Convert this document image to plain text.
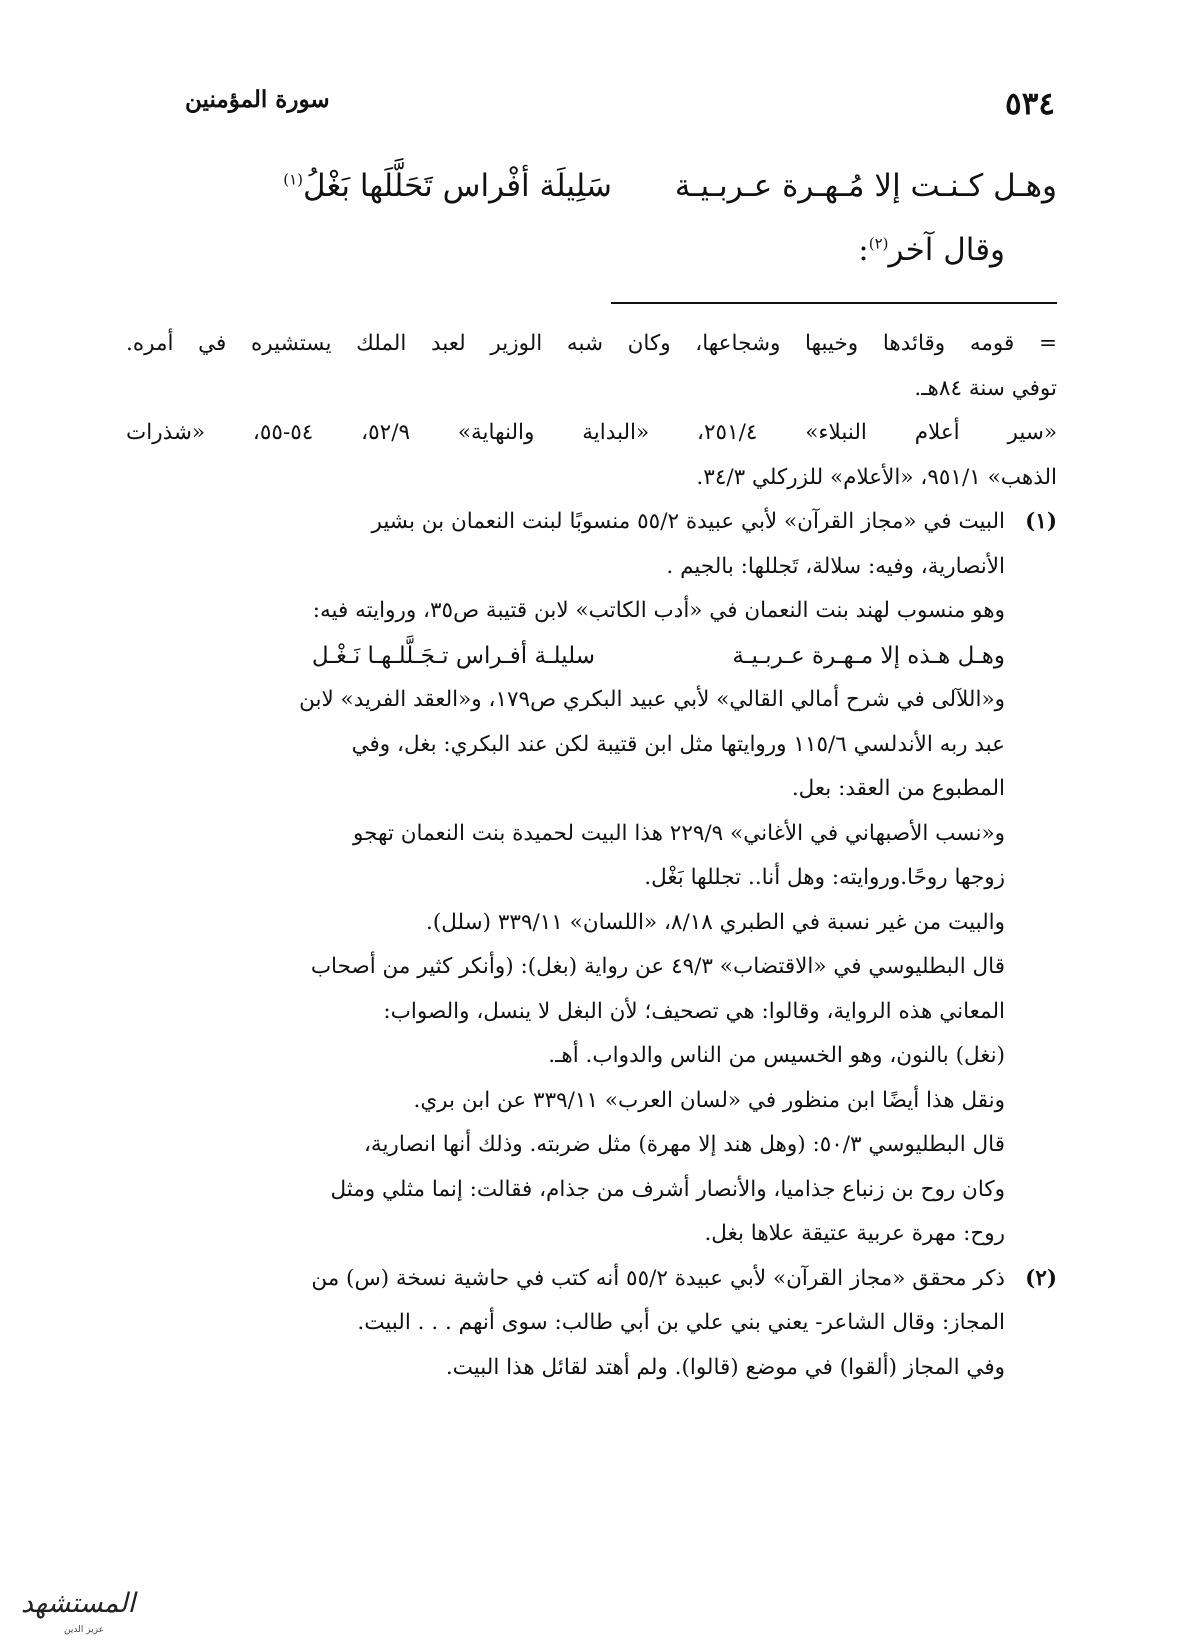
٥٣٤
سورة المؤمنين
وهـل كـنـت إلا مُـهـرة عـربـيـةسَلِيلَة أفْراس تَحَلَّلَها بَغْلُ$^{(١)}$
وقال آخر$^{(٢)}$:
= قومه وقائدها وخيبها وشجاعها، وكان شبه الوزير لعبد الملك يستشيره في أمره.
توفي سنة ٨٤هـ.
«سير أعلام النبلاء» ٢٥١/٤، «البداية والنهاية» ٥٢/٩، ٥٤-٥٥، «شذرات
الذهب» ٩٥١/١، «الأعلام» للزركلي ٣٤/٣.
(١)البيت في «مجاز القرآن» لأبي عبيدة ٥٥/٢ منسوبًا لبنت النعمان بن بشير
الأنصارية، وفيه: سلالة، تَجللها: بالجيم .
وهو منسوب لهند بنت النعمان في «أدب الكاتب» لابن قتيبة ص٣٥، وروايته فيه:
وهـل هـذه إلا مـهـرة عـربـيـةسليلـة أفـراس تـجَـلَّلـهـا نَـغْـل
و«اللآلى في شرح أمالي القالي» لأبي عبيد البكري ص١٧٩، و«العقد الفريد» لابن
عبد ربه الأندلسي ١١٥/٦ وروايتها مثل ابن قتيبة لكن عند البكري: بغل، وفي
المطبوع من العقد: بعل.
و«نسب الأصبهاني في الأغاني» ٢٢٩/٩ هذا البيت لحميدة بنت النعمان تهجو
زوجها روحًا.وروايته: وهل أنا.. تجللها بَغْل.
والبيت من غير نسبة في الطبري ٨/١٨، «اللسان» ٣٣٩/١١ (سلل).
قال البطليوسي في «الاقتضاب» ٤٩/٣ عن رواية (بغل): (وأنكر كثير من أصحاب
المعاني هذه الرواية، وقالوا: هي تصحيف؛ لأن البغل لا ينسل، والصواب:
(نغل) بالنون، وهو الخسيس من الناس والدواب. أهـ.
ونقل هذا أيضًا ابن منظور في «لسان العرب» ٣٣٩/١١ عن ابن بري.
قال البطليوسي ٥٠/٣: (وهل هند إلا مهرة) مثل ضربته. وذلك أنها انصارية،
وكان روح بن زنباع جذاميا، والأنصار أشرف من جذام، فقالت: إنما مثلي ومثل
روح: مهرة عربية عتيقة علاها بغل.
(٢)ذكر محقق «مجاز القرآن» لأبي عبيدة ٥٥/٢ أنه كتب في حاشية نسخة (س) من
المجاز: وقال الشاعر- يعني بني علي بن أبي طالب: سوى أنهم . . . البيت.
وفي المجاز (ألقوا) في موضع (قالوا). ولم أهتد لقائل هذا البيت.
المستشهد
عزيز الدين
